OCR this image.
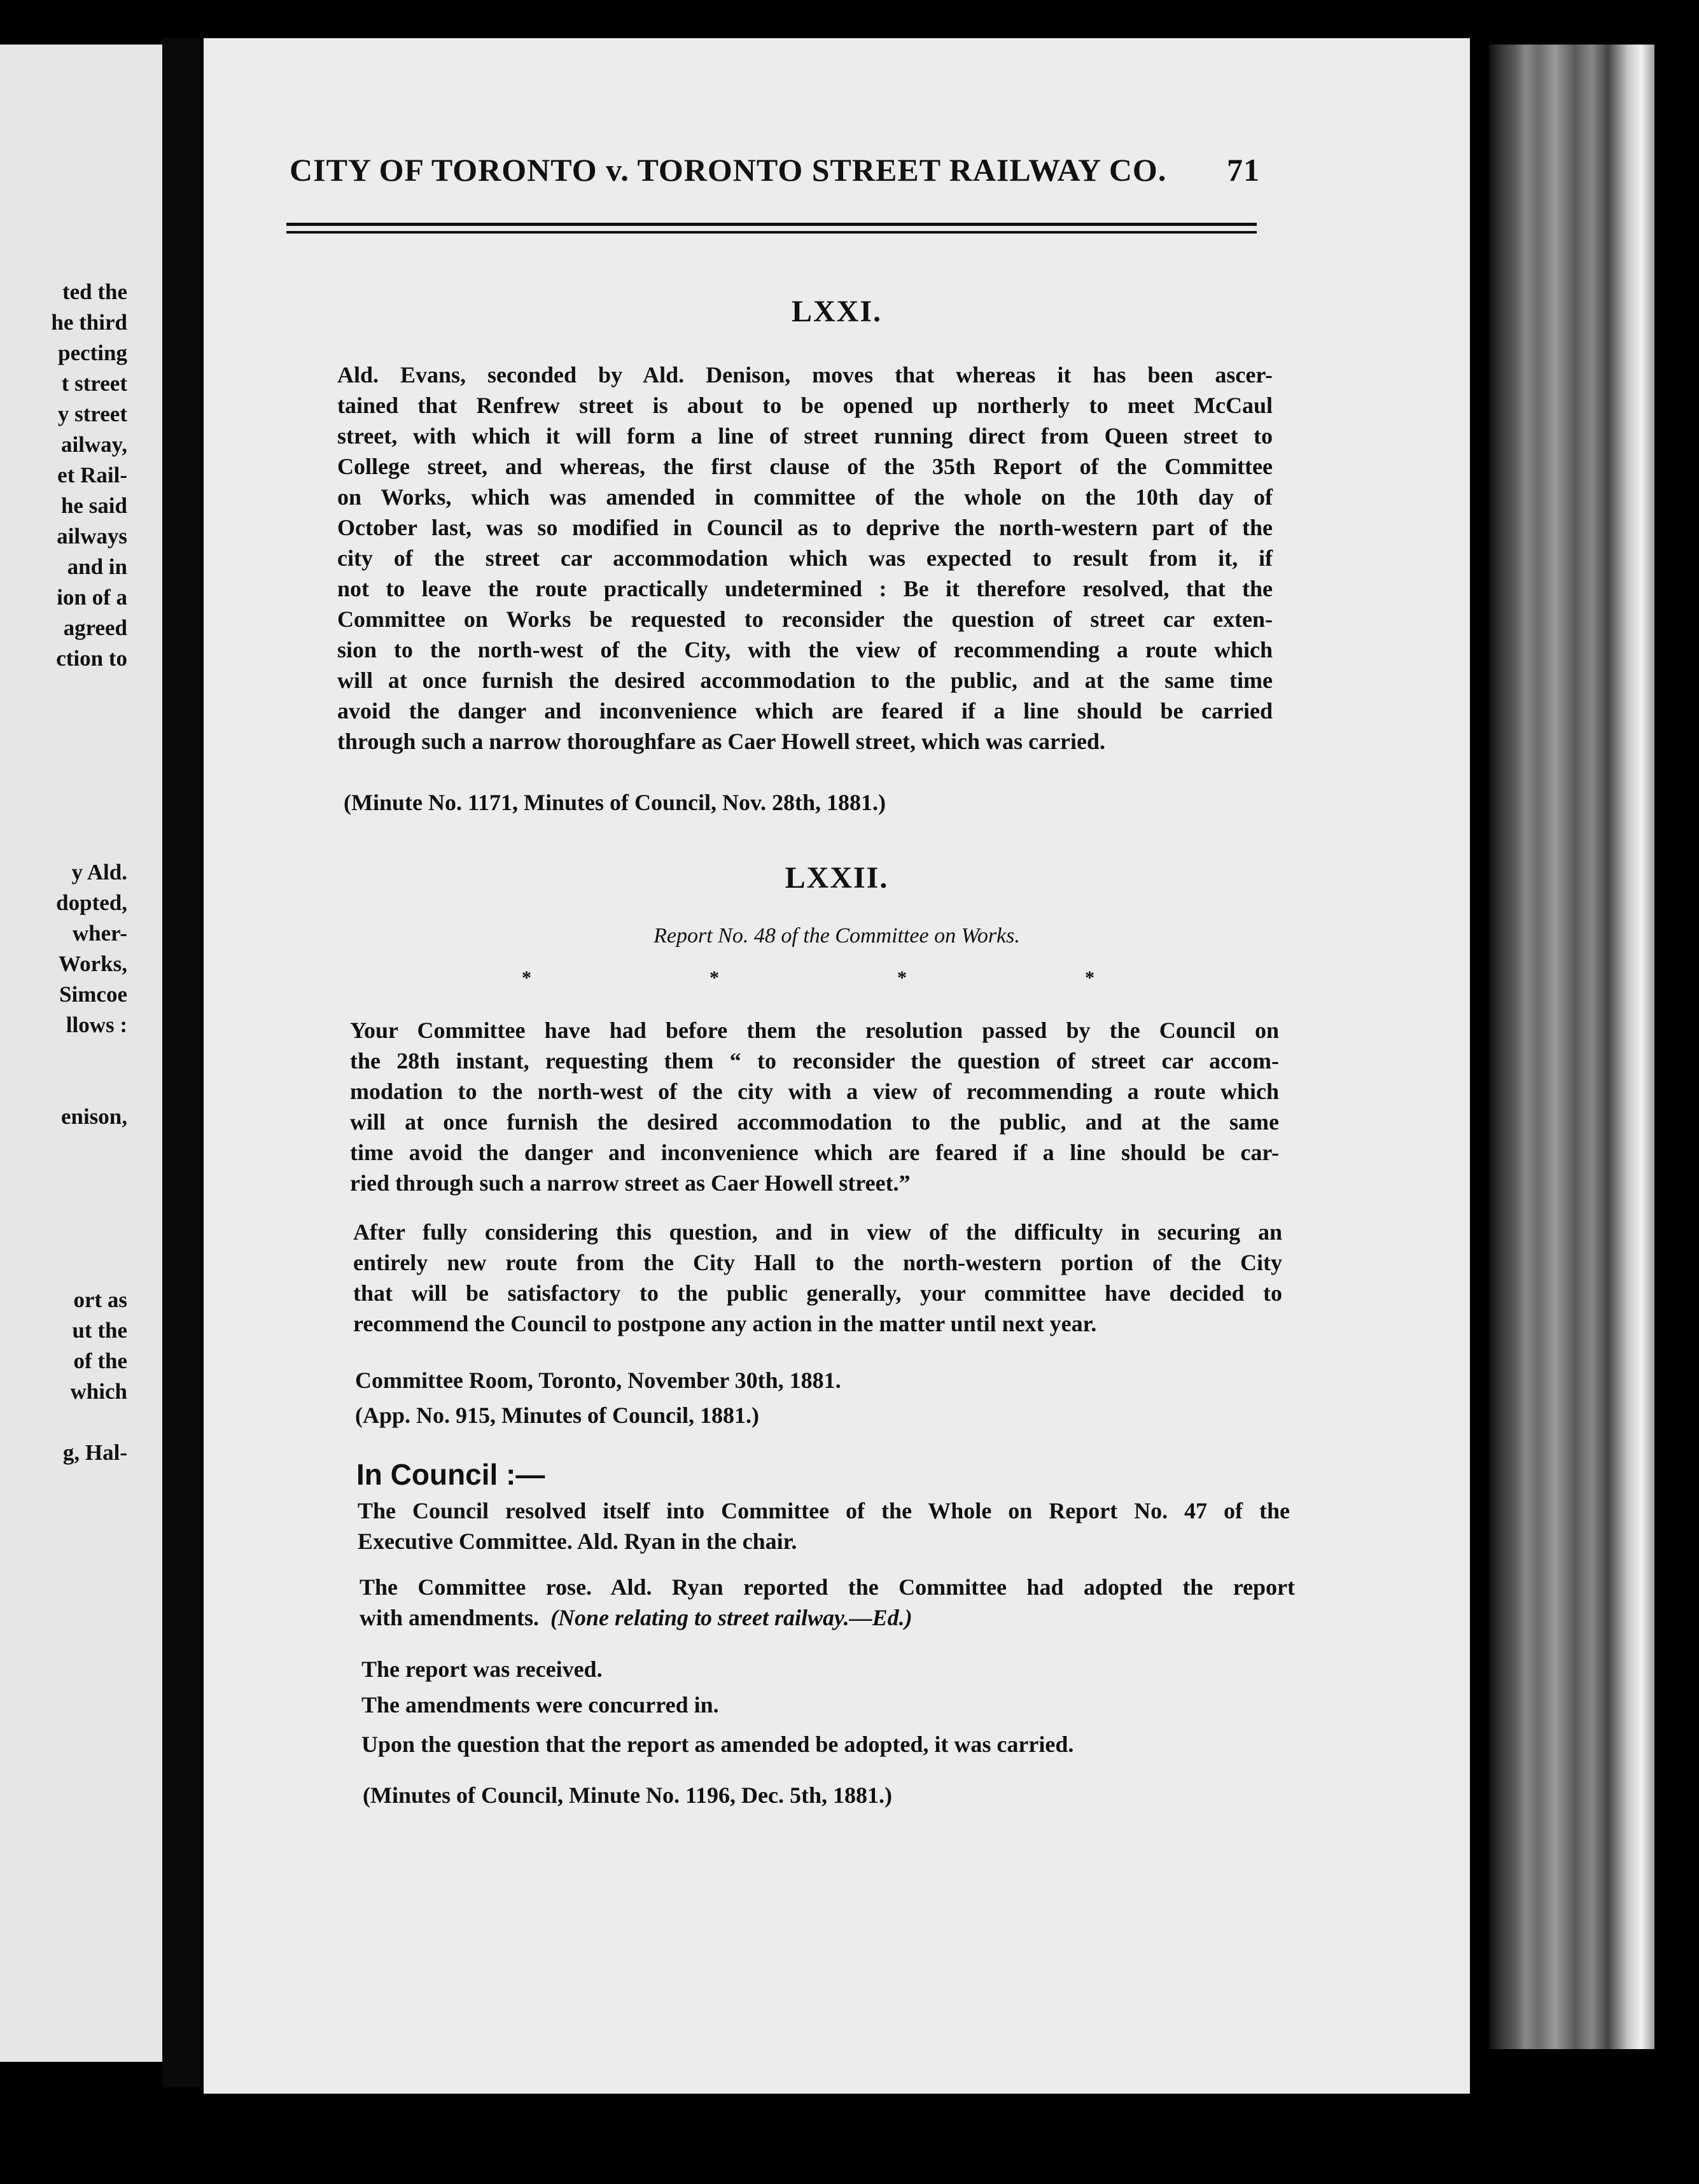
ted the
he third
pecting
t street
y street
ailway,
et Rail-
he said
ailways
and in
ion of a
agreed
ction to

y Ald.
dopted,
wher-
Works,
Simcoe
llows :

enison,

ort as
ut the
of the
which

g, Hal-
CITY OF TORONTO v. TORONTO STREET RAILWAY CO. 71
LXXI.
Ald. Evans, seconded by Ald. Denison, moves that whereas it has been ascer-
tained that Renfrew street is about to be opened up northerly to meet McCaul
street, with which it will form a line of street running direct from Queen street to
College street, and whereas, the first clause of the 35th Report of the Committee
on Works, which was amended in committee of the whole on the 10th day of
October last, was so modified in Council as to deprive the north-western part of the
city of the street car accommodation which was expected to result from it, if
not to leave the route practically undetermined : Be it therefore resolved, that the
Committee on Works be requested to reconsider the question of street car exten-
sion to the north-west of the City, with the view of recommending a route which
will at once furnish the desired accommodation to the public, and at the same time
avoid the danger and inconvenience which are feared if a line should be carried
through such a narrow thoroughfare as Caer Howell street, which was carried.
(Minute No. 1171, Minutes of Council, Nov. 28th, 1881.)
LXXII.
Report No. 48 of the Committee on Works.
*	*	*	*
Your Committee have had before them the resolution passed by the Council on
the 28th instant, requesting them “ to reconsider the question of street car accom-
modation to the north-west of the city with a view of recommending a route which
will at once furnish the desired accommodation to the public, and at the same
time avoid the danger and inconvenience which are feared if a line should be car-
ried through such a narrow street as Caer Howell street.”
After fully considering this question, and in view of the difficulty in securing an
entirely new route from the City Hall to the north-western portion of the City
that will be satisfactory to the public generally, your committee have decided to
recommend the Council to postpone any action in the matter until next year.
Committee Room, Toronto, November 30th, 1881.
(App. No. 915, Minutes of Council, 1881.)
In Council :—
The Council resolved itself into Committee of the Whole on Report No. 47 of the
Executive Committee. Ald. Ryan in the chair.
The Committee rose. Ald. Ryan reported the Committee had adopted the report
with amendments. (None relating to street railway.—Ed.)
The report was received.
The amendments were concurred in.
Upon the question that the report as amended be adopted, it was carried.
(Minutes of Council, Minute No. 1196, Dec. 5th, 1881.)
